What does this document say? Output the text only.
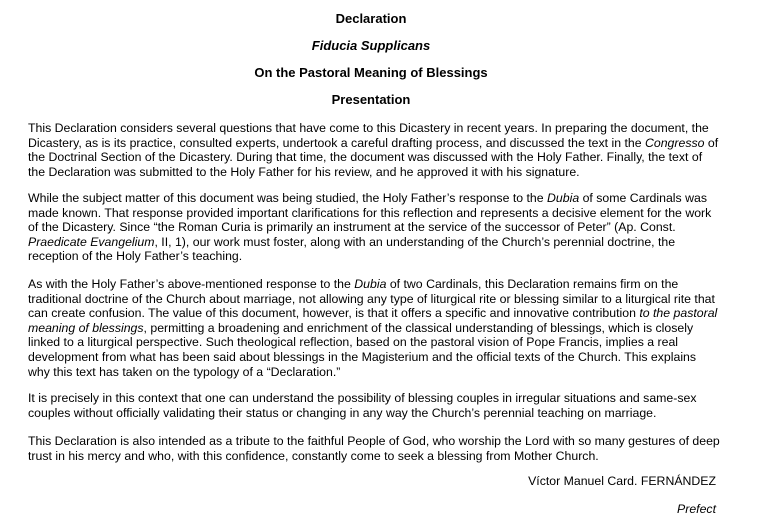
Declaration
Fiducia Supplicans
On the Pastoral Meaning of Blessings
Presentation

This Declaration considers several questions that have come to this Dicastery in recent years. In preparing the document, the Dicastery, as is its practice, consulted experts, undertook a careful drafting process, and discussed the text in the Congresso of the Doctrinal Section of the Dicastery. During that time, the document was discussed with the Holy Father. Finally, the text of the Declaration was submitted to the Holy Father for his review, and he approved it with his signature.

While the subject matter of this document was being studied, the Holy Father’s response to the Dubia of some Cardinals was made known. That response provided important clarifications for this reflection and represents a decisive element for the work of the Dicastery. Since “the Roman Curia is primarily an instrument at the service of the successor of Peter” (Ap. Const. Praedicate Evangelium, II, 1), our work must foster, along with an understanding of the Church’s perennial doctrine, the reception of the Holy Father’s teaching.

As with the Holy Father’s above-mentioned response to the Dubia of two Cardinals, this Declaration remains firm on the traditional doctrine of the Church about marriage, not allowing any type of liturgical rite or blessing similar to a liturgical rite that can create confusion. The value of this document, however, is that it offers a specific and innovative contribution to the pastoral meaning of blessings, permitting a broadening and enrichment of the classical understanding of blessings, which is closely linked to a liturgical perspective. Such theological reflection, based on the pastoral vision of Pope Francis, implies a real development from what has been said about blessings in the Magisterium and the official texts of the Church. This explains why this text has taken on the typology of a “Declaration.”

It is precisely in this context that one can understand the possibility of blessing couples in irregular situations and same-sex couples without officially validating their status or changing in any way the Church’s perennial teaching on marriage.

This Declaration is also intended as a tribute to the faithful People of God, who worship the Lord with so many gestures of deep trust in his mercy and who, with this confidence, constantly come to seek a blessing from Mother Church.

Víctor Manuel Card. FERNÁNDEZ
Prefect
